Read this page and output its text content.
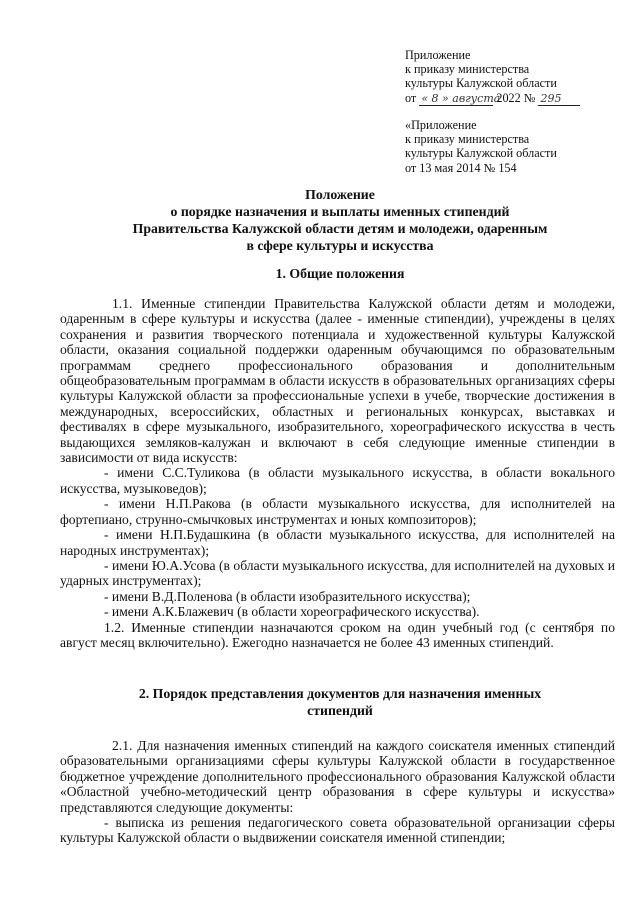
Приложение
к приказу министерства
культуры Калужской области
от « 8 » августа 2022 № 295
«Приложение
к приказу министерства
культуры Калужской области
от 13 мая 2014 № 154
Положение
о порядке назначения и выплаты именных стипендий
Правительства Калужской области детям и молодежи, одаренным
в сфере культуры и искусства
1. Общие положения

1.1. Именные стипендии Правительства Калужской области детям и молодежи, одаренным в сфере культуры и искусства (далее - именные стипендии), учреждены в целях сохранения и развития творческого потенциала и художественной культуры Калужской области, оказания социальной поддержки одаренным обучающимся по образовательным программам среднего профессионального образования и дополнительным общеобразовательным программам в области искусств в образовательных организациях сферы культуры Калужской области за профессиональные успехи в учебе, творческие достижения в международных, всероссийских, областных и региональных конкурсах, выставках и фестивалях в сфере музыкального, изобразительного, хореографического искусства в честь выдающихся земляков-калужан и включают в себя следующие именные стипендии в зависимости от вида искусств:

- имени С.С.Туликова (в области музыкального искусства, в области вокального искусства, музыковедов);

- имени Н.П.Ракова (в области музыкального искусства, для исполнителей на фортепиано, струнно-смычковых инструментах и юных композиторов);

- имени Н.П.Будашкина (в области музыкального искусства, для исполнителей на народных инструментах);

- имени Ю.А.Усова (в области музыкального искусства, для исполнителей на духовых и ударных инструментах);

- имени В.Д.Поленова (в области изобразительного искусства);

- имени А.К.Блажевич (в области хореографического искусства).

1.2. Именные стипендии назначаются сроком на один учебный год (с сентября по август месяц включительно). Ежегодно назначается не более 43 именных стипендий.

2. Порядок представления документов для назначения именных
стипендий

2.1. Для назначения именных стипендий на каждого соискателя именных стипендий образовательными организациями сферы культуры Калужской области в государственное бюджетное учреждение дополнительного профессионального образования Калужской области «Областной учебно-методический центр образования в сфере культуры и искусства» представляются следующие документы:

- выписка из решения педагогического совета образовательной организации сферы культуры Калужской области о выдвижении соискателя именной стипендии;
